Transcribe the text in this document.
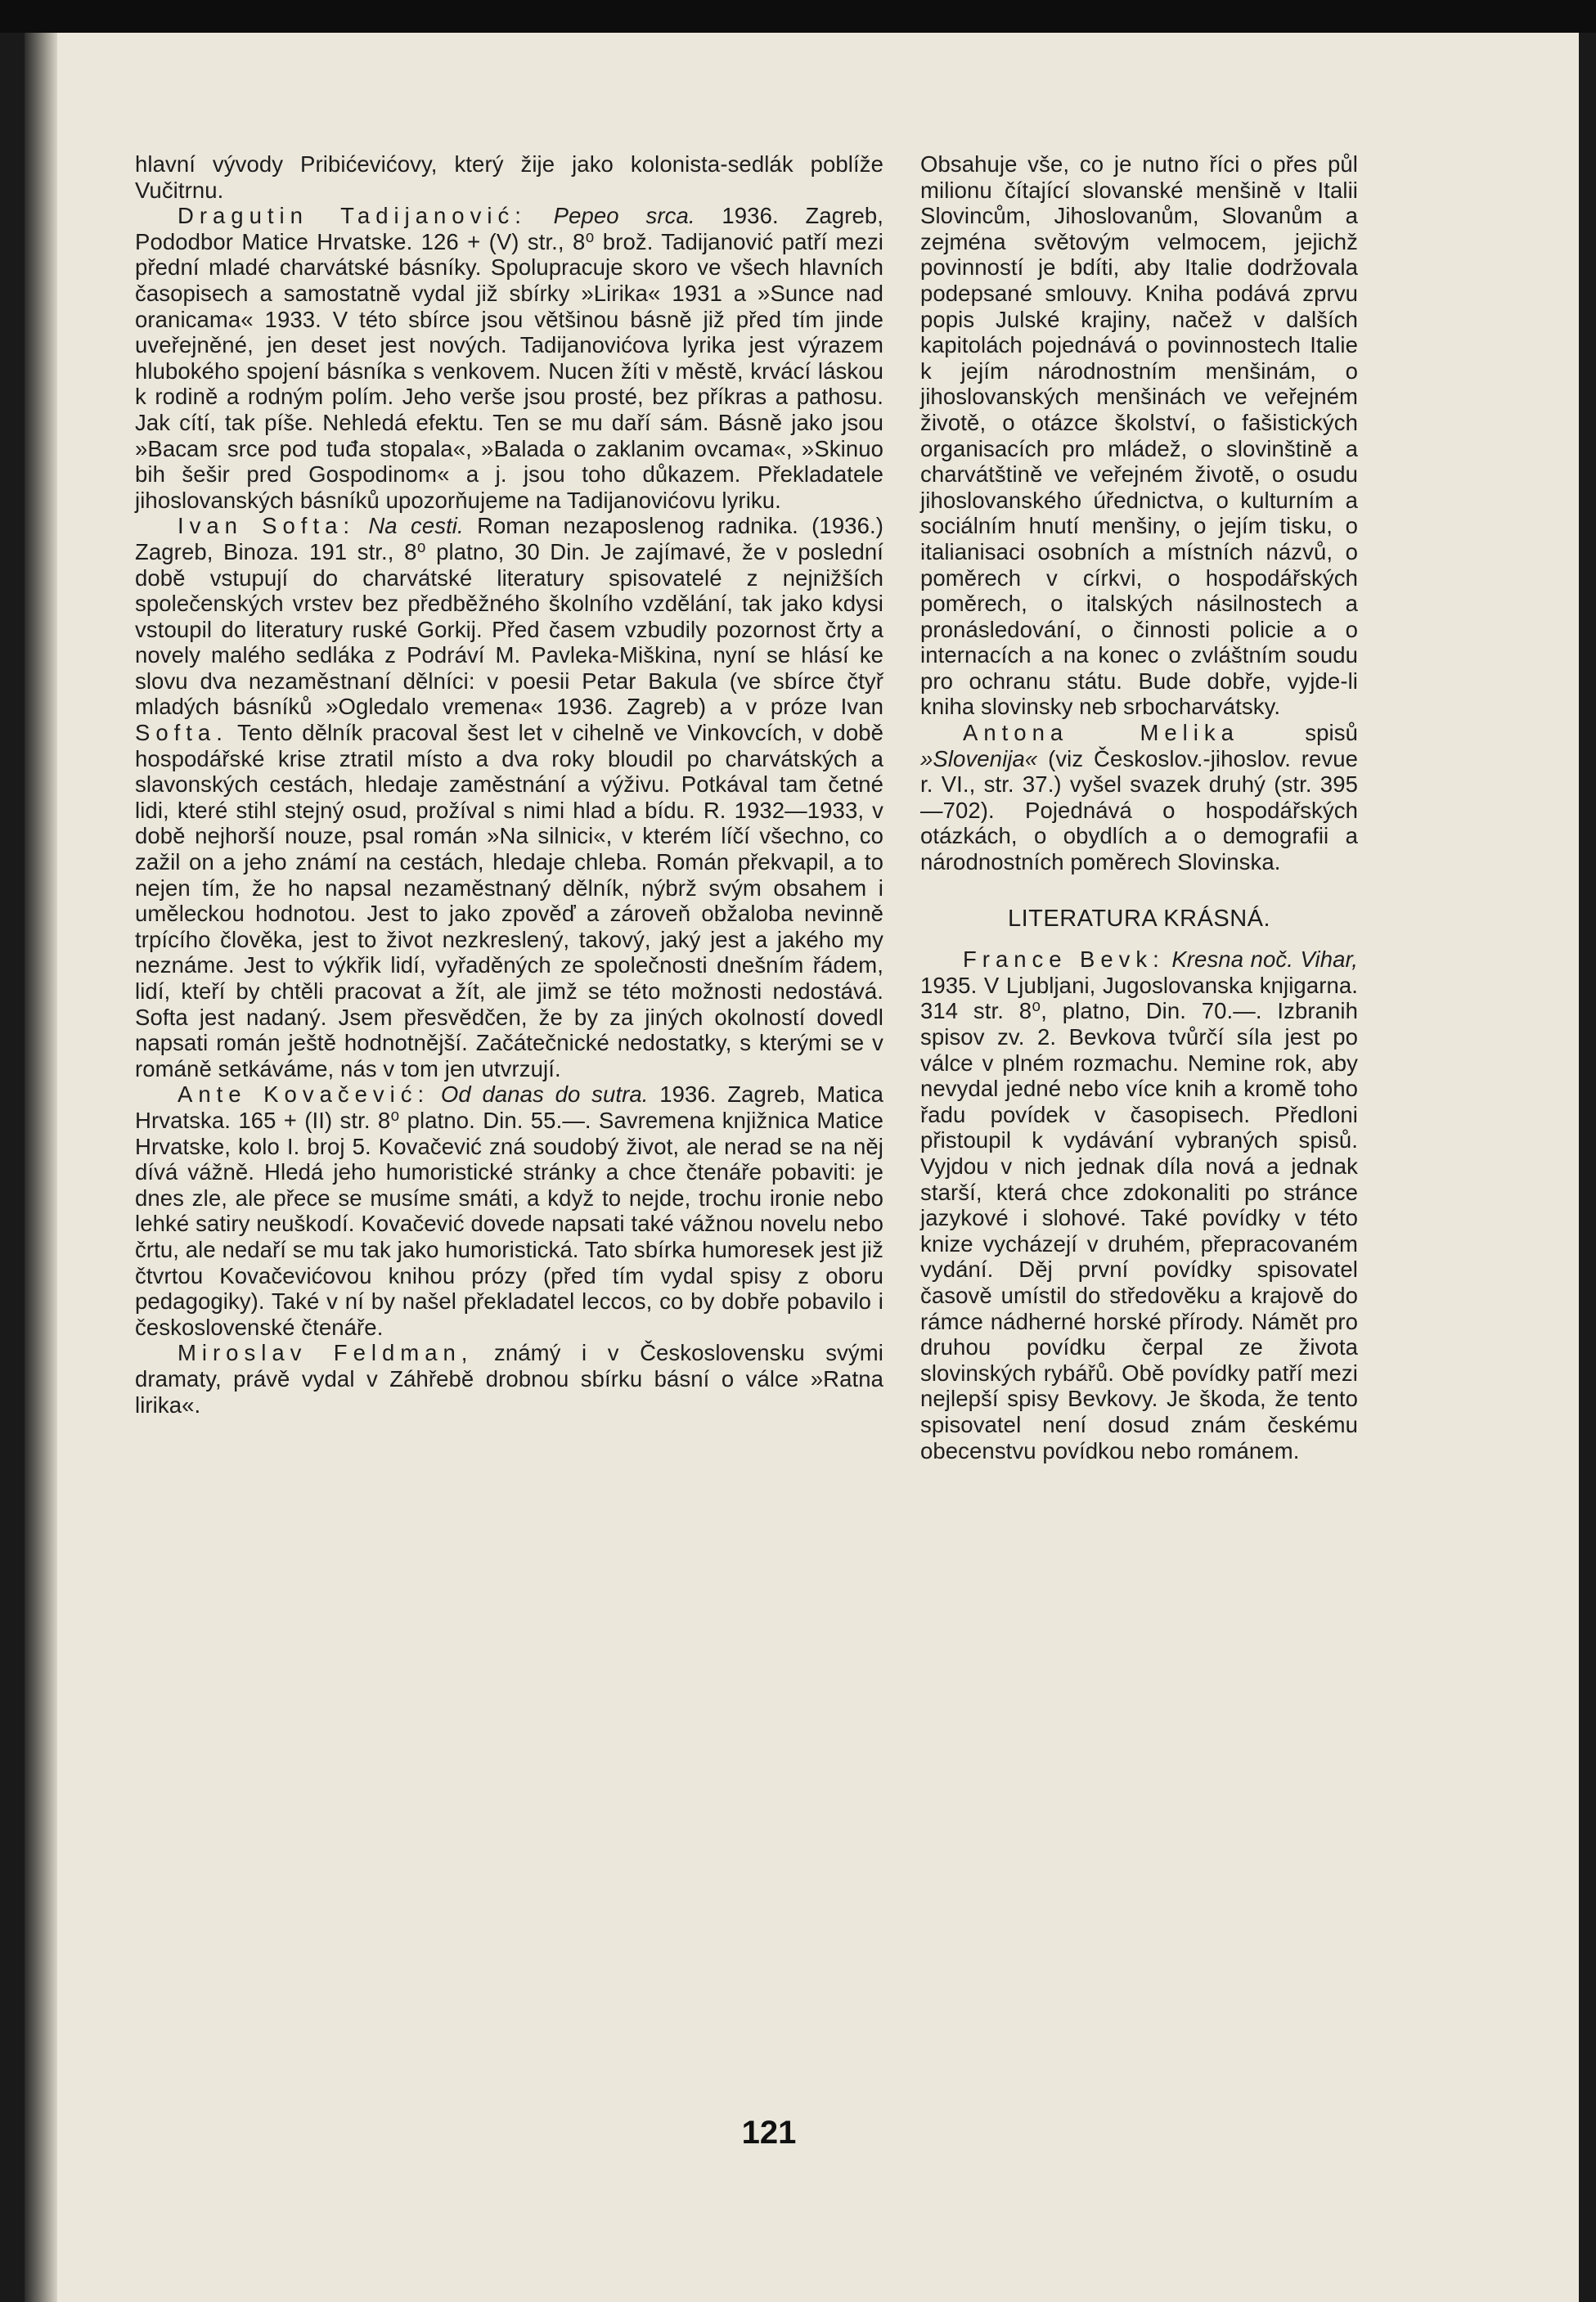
hlavní vývody Pribićevićovy, který žije jako kolonista-sedlák poblíže Vučitrnu.

Dragutin Tadijanović: Pepeo srca. 1936. Zagreb, Pododbor Matice Hrvatske. 126 + (V) str., 8⁰ brož. Tadijanović patří mezi přední mladé charvátské básníky. Spolupracuje skoro ve všech hlavních časopisech a samostatně vydal již sbírky »Lirika« 1931 a »Sunce nad oranicama« 1933. V této sbírce jsou většinou básně již před tím jinde uveřejněné, jen deset jest nových. Tadijanovićova lyrika jest výrazem hlubokého spojení básníka s venkovem. Nucen žíti v městě, krvácí láskou k rodině a rodným polím. Jeho verše jsou prosté, bez příkras a pathosu. Jak cítí, tak píše. Nehledá efektu. Ten se mu daří sám. Básně jako jsou »Bacam srce pod tuđa stopala«, »Balada o zaklanim ovcama«, »Skinuo bih šešir pred Gospodinom« a j. jsou toho důkazem. Překladatele jihoslovanských básníků upozorňujeme na Tadijanovićovu lyriku.

Ivan Softa: Na cesti. Roman nezaposlenog radnika. (1936.) Zagreb, Binoza. 191 str., 8⁰ platno, 30 Din. Je zajímavé, že v poslední době vstupují do charvátské literatury spisovatelé z nejnižších společenských vrstev bez předběžného školního vzdělání, tak jako kdysi vstoupil do literatury ruské Gorkij. Před časem vzbudily pozornost črty a novely malého sedláka z Podráví M. Pavleka-Miškina, nyní se hlásí ke slovu dva nezaměstnaní dělníci: v poesii Petar Bakula (ve sbírce čtyř mladých básníků »Ogledalo vremena« 1936. Zagreb) a v próze Ivan Softa. Tento dělník pracoval šest let v cihelně ve Vinkovcích, v době hospodářské krise ztratil místo a dva roky bloudil po charvátských a slavonských cestách, hledaje zaměstnání a výživu. Potkával tam četné lidi, které stihl stejný osud, prožíval s nimi hlad a bídu. R. 1932—1933, v době nejhorší nouze, psal román »Na silnici«, v kterém líčí všechno, co zažil on a jeho známí na cestách, hledaje chleba. Román překvapil, a to nejen tím, že ho napsal nezaměstnaný dělník, nýbrž svým obsahem i uměleckou hodnotou. Jest to jako zpověď a zároveň obžaloba nevinně trpícího člověka, jest to život nezkreslený, takový, jaký jest a jakého my neznáme. Jest to výkřik lidí, vyřaděných ze společnosti dnešním řádem, lidí, kteří by chtěli pracovat a žít, ale jimž se této možnosti nedostává. Softa jest nadaný. Jsem přesvědčen, že by za jiných okolností dovedl napsati román ještě hodnotnější. Začátečnické nedostatky, s kterými se v románě setkáváme, nás v tom jen utvrzují.

Ante Kovačević: Od danas do sutra. 1936. Zagreb, Matica Hrvatska. 165 + (II) str. 8⁰ platno. Din. 55.—. Savremena knjižnica Matice Hrvatske, kolo I. broj 5. Kovačević zná soudobý život, ale nerad se na něj dívá vážně. Hledá jeho humoristické stránky a chce čtenáře pobaviti: je dnes zle, ale přece se musíme smáti, a když to nejde, trochu ironie nebo lehké satiry neuškodí. Kovačević dovede napsati také vážnou novelu nebo črtu, ale nedaří se mu tak jako humoristická. Tato sbírka humoresek jest již čtvrtou Kovačevićovou knihou prózy (před tím vydal spisy z oboru pedagogiky). Také v ní by našel překladatel leccos, co by dobře pobavilo i československé čtenáře.

Miroslav Feldman, známý i v Československu svými dramaty, právě vydal v Záhřebě drobnou sbírku básní o válce »Ratna lirika«.

Obsahuje vše, co je nutno říci o přes půl milionu čítající slovanské menšině v Italii Slovincům, Jihoslovanům, Slovanům a zejména světovým velmocem, jejichž povinností je bdíti, aby Italie dodržovala podepsané smlouvy. Kniha podává zprvu popis Julské krajiny, načež v dalších kapitolách pojednává o povinnostech Italie k jejím národnostním menšinám, o jihoslovanských menšinách ve veřejném životě, o otázce školství, o fašistických organisacích pro mládež, o slovinštině a charvátštině ve veřejném životě, o osudu jihoslovanského úřednictva, o kulturním a sociálním hnutí menšiny, o jejím tisku, o italianisaci osobních a místních názvů, o poměrech v církvi, o hospodářských poměrech, o italských násilnostech a pronásledování, o činnosti policie a o internacích a na konec o zvláštním soudu pro ochranu státu. Bude dobře, vyjde-li kniha slovinsky neb srbocharvátsky.

Antona Melika	spisů »Slovenija« (viz Českoslov.-jihoslov. revue r. VI., str. 37.) vyšel svazek druhý (str. 395—702). Pojednává o hospodářských otázkách, o obydlích a o demografii a národnostních poměrech Slovinska.

LITERATURA KRÁSNÁ.

France Bevk: Kresna noč. Vihar, 1935. V Ljubljani, Jugoslovanska knjigarna. 314 str. 8⁰, platno, Din. 70.—. Izbranih spisov zv. 2. Bevkova tvůrčí síla jest po válce v plném rozmachu. Nemine rok, aby nevydal jedné nebo více knih a kromě toho řadu povídek v časopisech. Předloni přistoupil k vydávání vybraných spisů. Vyjdou v nich jednak díla nová a jednak starší, která chce zdokonaliti po stránce jazykové i slohové. Také povídky v této knize vycházejí v druhém, přepracovaném vydání. Děj první povídky spisovatel časově umístil do středověku a krajově do rámce nádherné horské přírody. Námět pro druhou povídku čerpal ze života slovinských rybářů. Obě povídky patří mezi nejlepší spisy Bevkovy. Je škoda, že tento spisovatel není dosud znám českému obecenstvu povídkou nebo románem.

121
